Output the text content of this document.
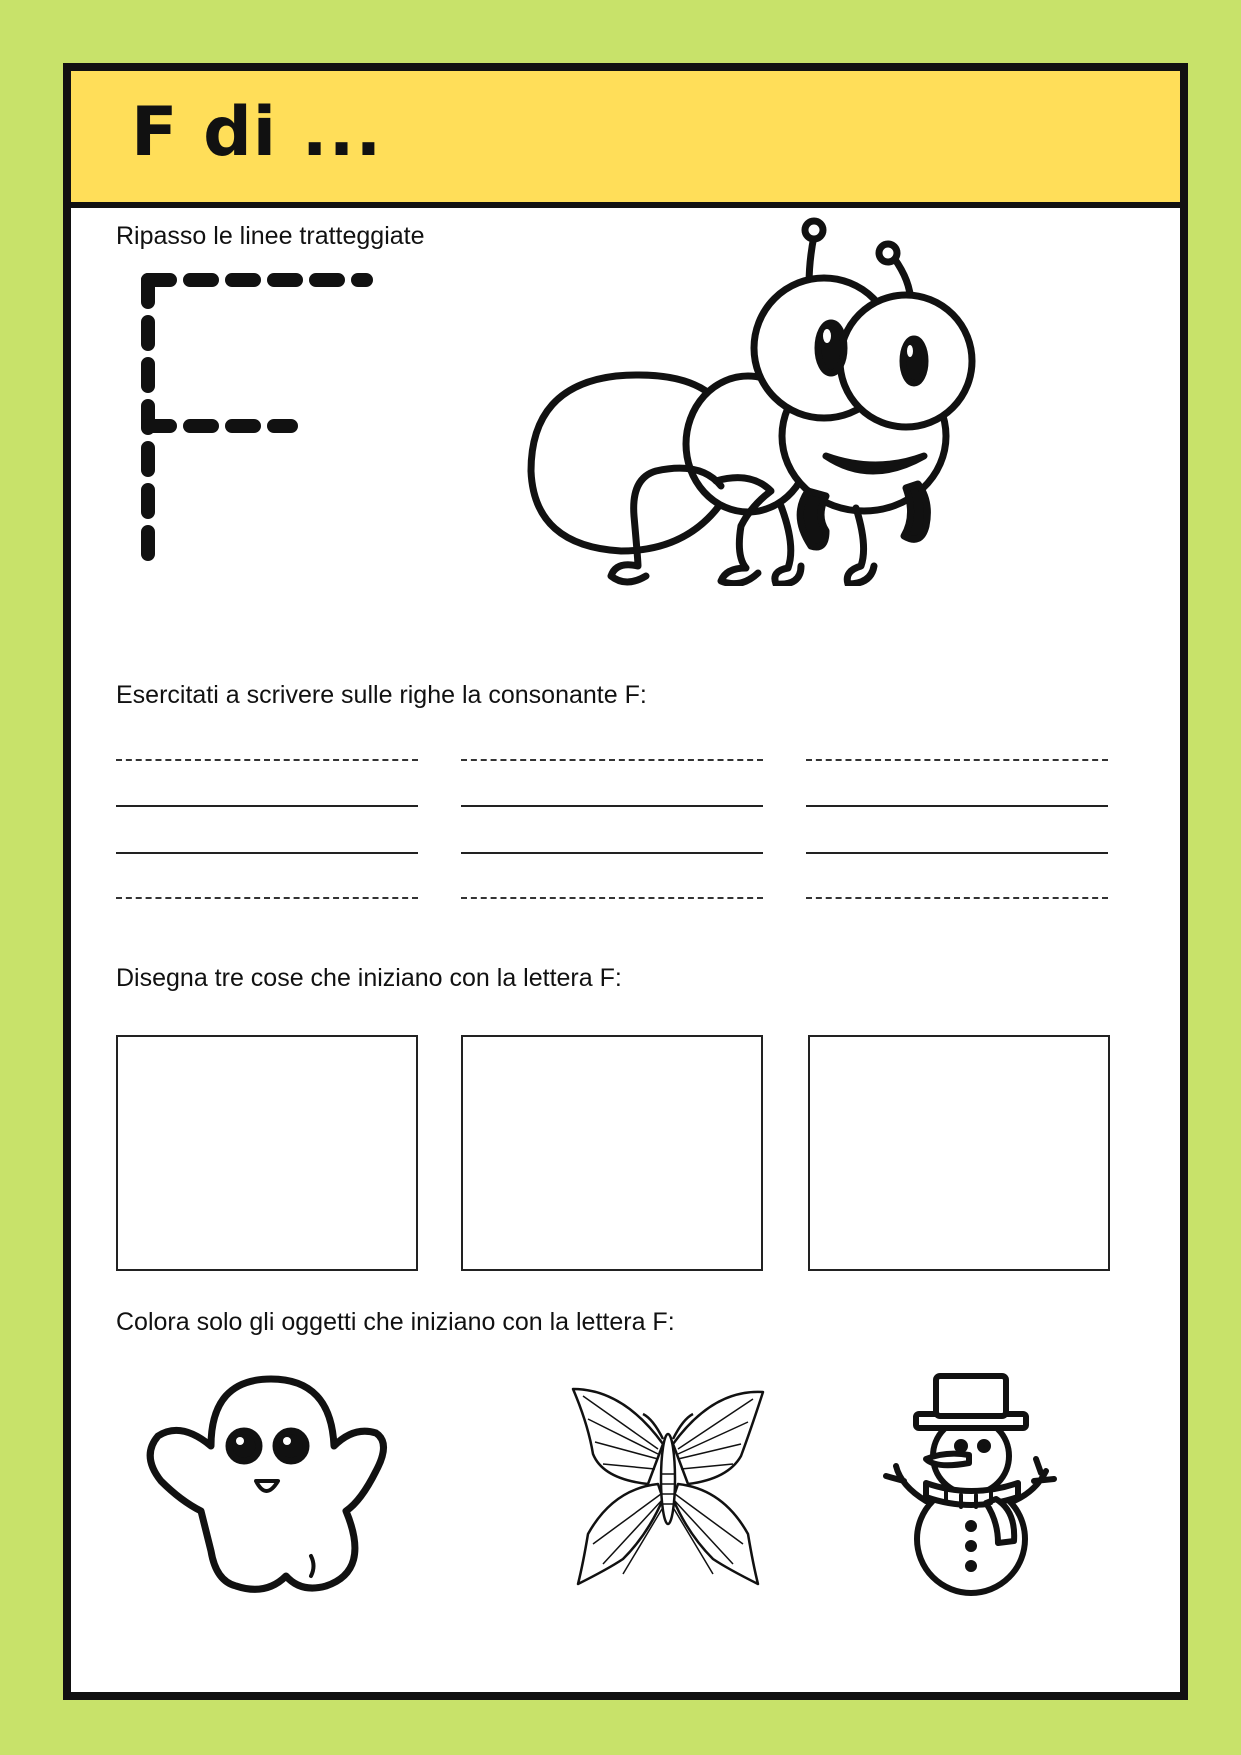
F di ...
Ripasso le linee tratteggiate
Esercitati a scrivere sulle righe la consonante F:
Disegna tre cose che iniziano con la lettera F:
Colora solo gli oggetti che iniziano con la lettera F:
